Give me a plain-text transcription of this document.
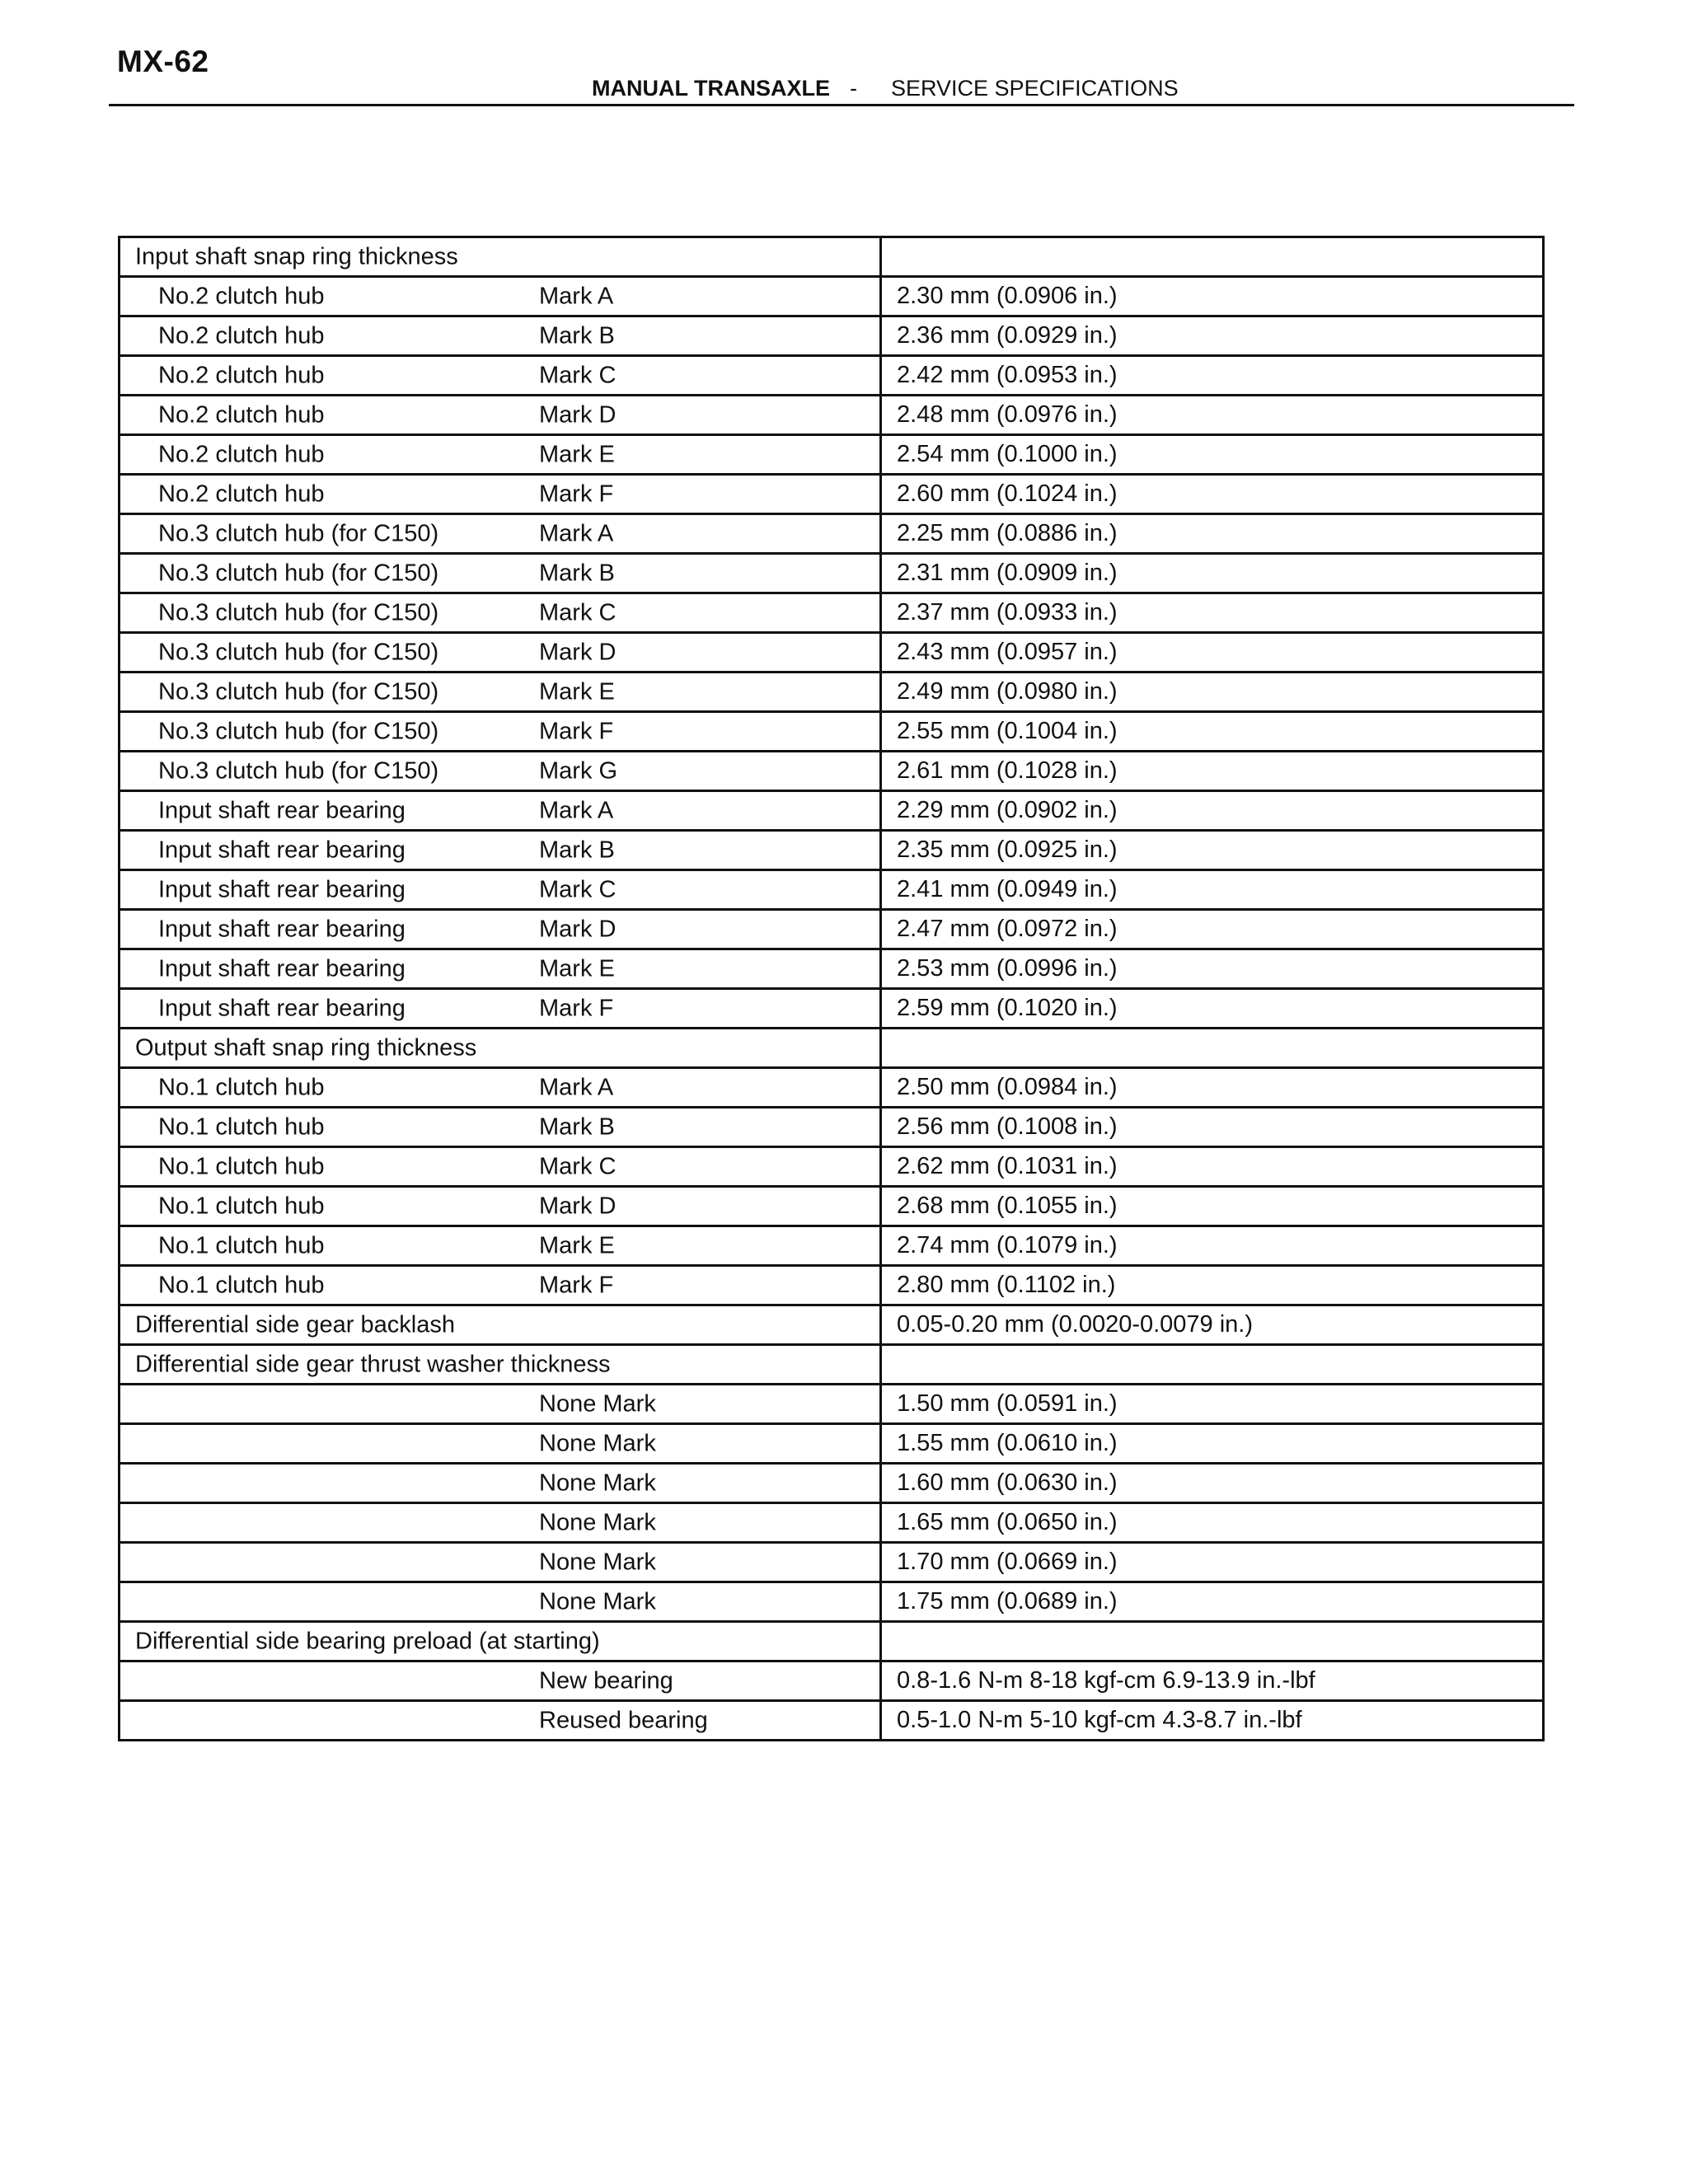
MX-62
MANUAL TRANSAXLE - SERVICE SPECIFICATIONS
Input shaft snap ring thickness	

No.2 clutch hub Mark A	2.30 mm (0.0906 in.)

No.2 clutch hub Mark B	2.36 mm (0.0929 in.)

No.2 clutch hub Mark C	2.42 mm (0.0953 in.)

No.2 clutch hub Mark D	2.48 mm (0.0976 in.)

No.2 clutch hub Mark E	2.54 mm (0.1000 in.)

No.2 clutch hub Mark F	2.60 mm (0.1024 in.)

No.3 clutch hub (for C150) Mark A	2.25 mm (0.0886 in.)

No.3 clutch hub (for C150) Mark B	2.31 mm (0.0909 in.)

No.3 clutch hub (for C150) Mark C	2.37 mm (0.0933 in.)

No.3 clutch hub (for C150) Mark D	2.43 mm (0.0957 in.)

No.3 clutch hub (for C150) Mark E	2.49 mm (0.0980 in.)

No.3 clutch hub (for C150) Mark F	2.55 mm (0.1004 in.)

No.3 clutch hub (for C150) Mark G	2.61 mm (0.1028 in.)

Input shaft rear bearing Mark A	2.29 mm (0.0902 in.)

Input shaft rear bearing Mark B	2.35 mm (0.0925 in.)

Input shaft rear bearing Mark C	2.41 mm (0.0949 in.)

Input shaft rear bearing Mark D	2.47 mm (0.0972 in.)

Input shaft rear bearing Mark E	2.53 mm (0.0996 in.)

Input shaft rear bearing Mark F	2.59 mm (0.1020 in.)

Output shaft snap ring thickness	

No.1 clutch hub Mark A	2.50 mm (0.0984 in.)

No.1 clutch hub Mark B	2.56 mm (0.1008 in.)

No.1 clutch hub Mark C	2.62 mm (0.1031 in.)

No.1 clutch hub Mark D	2.68 mm (0.1055 in.)

No.1 clutch hub Mark E	2.74 mm (0.1079 in.)

No.1 clutch hub Mark F	2.80 mm (0.1102 in.)

Differential side gear backlash	0.05-0.20 mm (0.0020-0.0079 in.)

Differential side gear thrust washer thickness	

None Mark	1.50 mm (0.0591 in.)

None Mark	1.55 mm (0.0610 in.)

None Mark	1.60 mm (0.0630 in.)

None Mark	1.65 mm (0.0650 in.)

None Mark	1.70 mm (0.0669 in.)

None Mark	1.75 mm (0.0689 in.)

Differential side bearing preload (at starting)	

New bearing	0.8-1.6 N-m 8-18 kgf-cm 6.9-13.9 in.-lbf

Reused bearing	0.5-1.0 N-m 5-10 kgf-cm 4.3-8.7 in.-lbf
